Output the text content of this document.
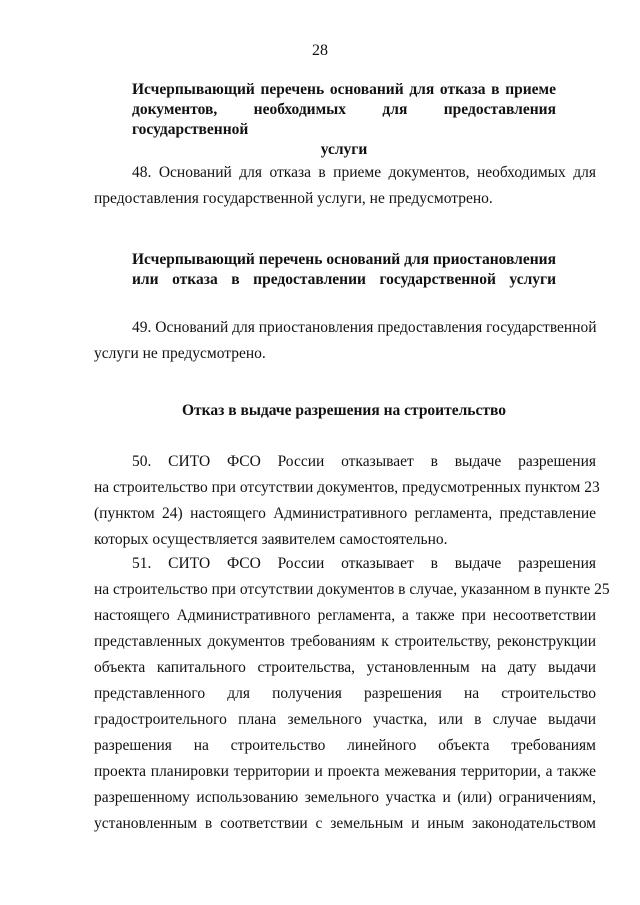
28
Исчерпывающий перечень оснований для отказа в приеме
документов, необходимых для предоставления государственной
услуги
48. Оснований для отказа в приеме документов, необходимых для
предоставления государственной услуги, не предусмотрено.
Исчерпывающий перечень оснований для приостановления
или отказа в предоставлении государственной услуги
49. Оснований для приостановления предоставления государственной
услуги не предусмотрено.
Отказ в выдаче разрешения на строительство
50. СИТО ФСО России отказывает в выдаче разрешения
на строительство при отсутствии документов, предусмотренных пунктом 23
(пунктом 24) настоящего Административного регламента, представление
которых осуществляется заявителем самостоятельно.
51. СИТО ФСО России отказывает в выдаче разрешения
на строительство при отсутствии документов в случае, указанном в пункте 25
настоящего Административного регламента, а также при несоответствии
представленных документов требованиям к строительству, реконструкции
объекта капитального строительства, установленным на дату выдачи
представленного для получения разрешения на строительство
градостроительного плана земельного участка, или в случае выдачи
разрешения на строительство линейного объекта требованиям
проекта планировки территории и проекта межевания территории, а также
разрешенному использованию земельного участка и (или) ограничениям,
установленным в соответствии с земельным и иным законодательством
